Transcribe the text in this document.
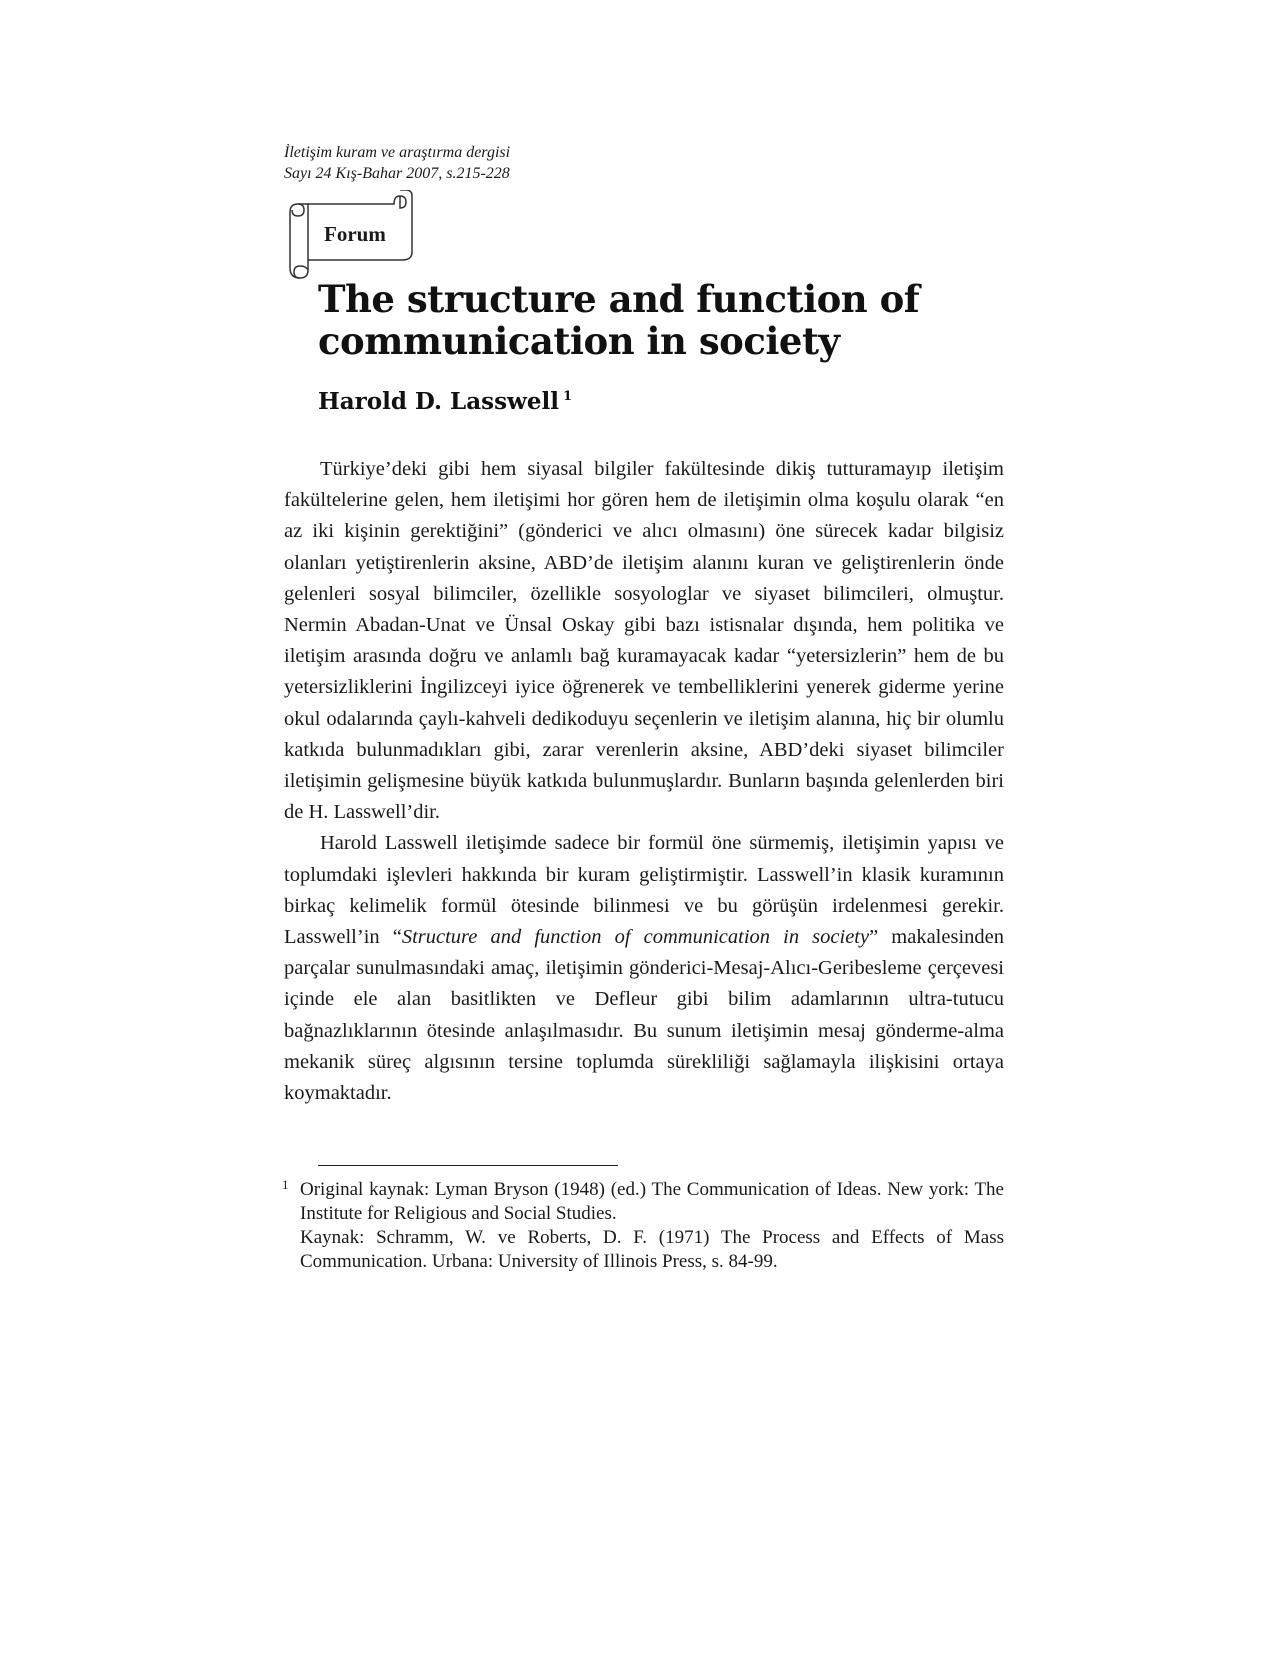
İletişim kuram ve araştırma dergisi
Sayı 24 Kış-Bahar 2007, s.215-228
Forum
The structure and function of communication in society
Harold D. Lasswell $^1$

Türkiye’deki gibi hem siyasal bilgiler fakültesinde dikiş tutturamayıp iletişim fakültelerine gelen, hem iletişimi hor gören hem de iletişimin olma koşulu olarak “en az iki kişinin gerektiğini” (gönderici ve alıcı olmasını) öne sürecek kadar bilgisiz olanları yetiştirenlerin aksine, ABD’de iletişim alanını kuran ve geliştirenlerin önde gelenleri sosyal bilimciler, özellikle sosyologlar ve siyaset bilimcileri, olmuştur. Nermin Abadan-Unat ve Ünsal Oskay gibi bazı istisnalar dışında, hem politika ve iletişim arasında doğru ve anlamlı bağ kuramayacak kadar “yetersizlerin” hem de bu yetersizliklerini İngilizceyi iyice öğrenerek ve tembelliklerini yenerek giderme yerine okul odalarında çaylı-kahveli dedikoduyu seçenlerin ve iletişim alanına, hiç bir olumlu katkıda bulunmadıkları gibi, zarar verenlerin aksine, ABD’deki siyaset bilimciler iletişimin gelişmesine büyük katkıda bulunmuşlardır. Bunların başında gelenlerden biri de H. Lasswell’dir.

Harold Lasswell iletişimde sadece bir formül öne sürmemiş, iletişimin yapısı ve toplumdaki işlevleri hakkında bir kuram geliştirmiştir. Lasswell’in klasik kuramının birkaç kelimelik formül ötesinde bilinmesi ve bu görüşün irdelenmesi gerekir. Lasswell’in “Structure and function of communication in society” makalesinden parçalar sunulmasındaki amaç, iletişimin gönderici-Mesaj-Alıcı-Geribesleme çerçevesi içinde ele alan basitlikten ve Defleur gibi bilim adamlarının ultra-tutucu bağnazlıklarının ötesinde anlaşılmasıdır. Bu sunum iletişimin mesaj gönderme-alma mekanik süreç algısının tersine toplumda sürekliliği sağlamayla ilişkisini ortaya koymaktadır.

1 Original kaynak: Lyman Bryson (1948) (ed.) The Communication of Ideas. New york: The Institute for Religious and Social Studies.
Kaynak: Schramm, W. ve Roberts, D. F. (1971) The Process and Effects of Mass Communication. Urbana: University of Illinois Press, s. 84-99.
